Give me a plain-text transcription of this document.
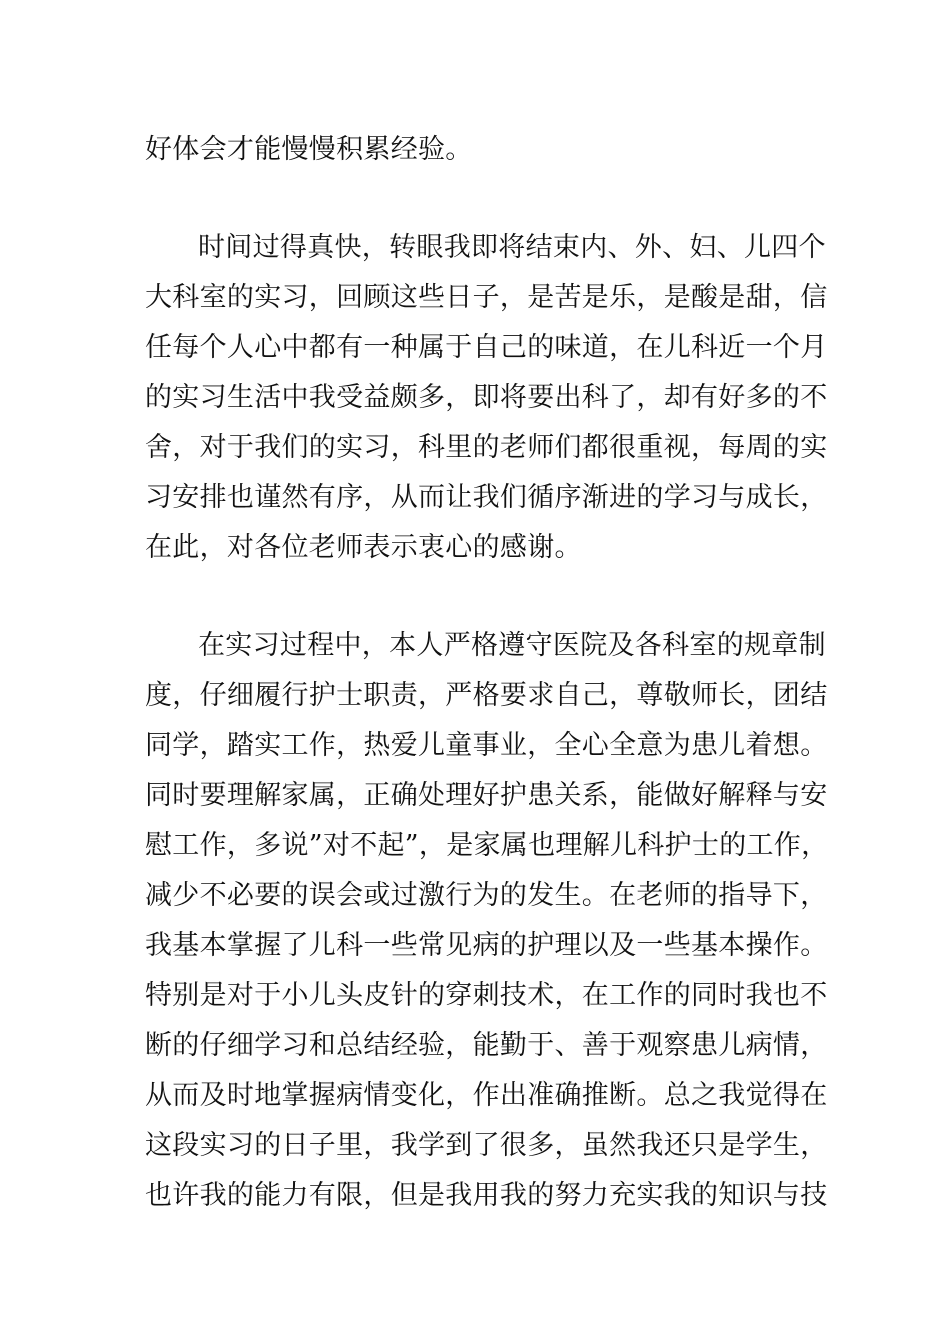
好体会才能慢慢积累经验。
时间过得真快，转眼我即将结束内、外、妇、儿四个
大科室的实习，回顾这些日子，是苦是乐，是酸是甜，信
任每个人心中都有一种属于自己的味道，在儿科近一个月
的实习生活中我受益颇多，即将要出科了，却有好多的不
舍，对于我们的实习，科里的老师们都很重视，每周的实
习安排也谨然有序，从而让我们循序渐进的学习与成长，
在此，对各位老师表示衷心的感谢。
在实习过程中，本人严格遵守医院及各科室的规章制
度，仔细履行护士职责，严格要求自己，尊敬师长，团结
同学，踏实工作，热爱儿童事业，全心全意为患儿着想。
同时要理解家属，正确处理好护患关系，能做好解释与安
慰工作，多说”对不起”，是家属也理解儿科护士的工作，
减少不必要的误会或过激行为的发生。在老师的指导下，
我基本掌握了儿科一些常见病的护理以及一些基本操作。
特别是对于小儿头皮针的穿刺技术，在工作的同时我也不
断的仔细学习和总结经验，能勤于、善于观察患儿病情，
从而及时地掌握病情变化，作出准确推断。总之我觉得在
这段实习的日子里，我学到了很多，虽然我还只是学生，
也许我的能力有限，但是我用我的努力充实我的知识与技
